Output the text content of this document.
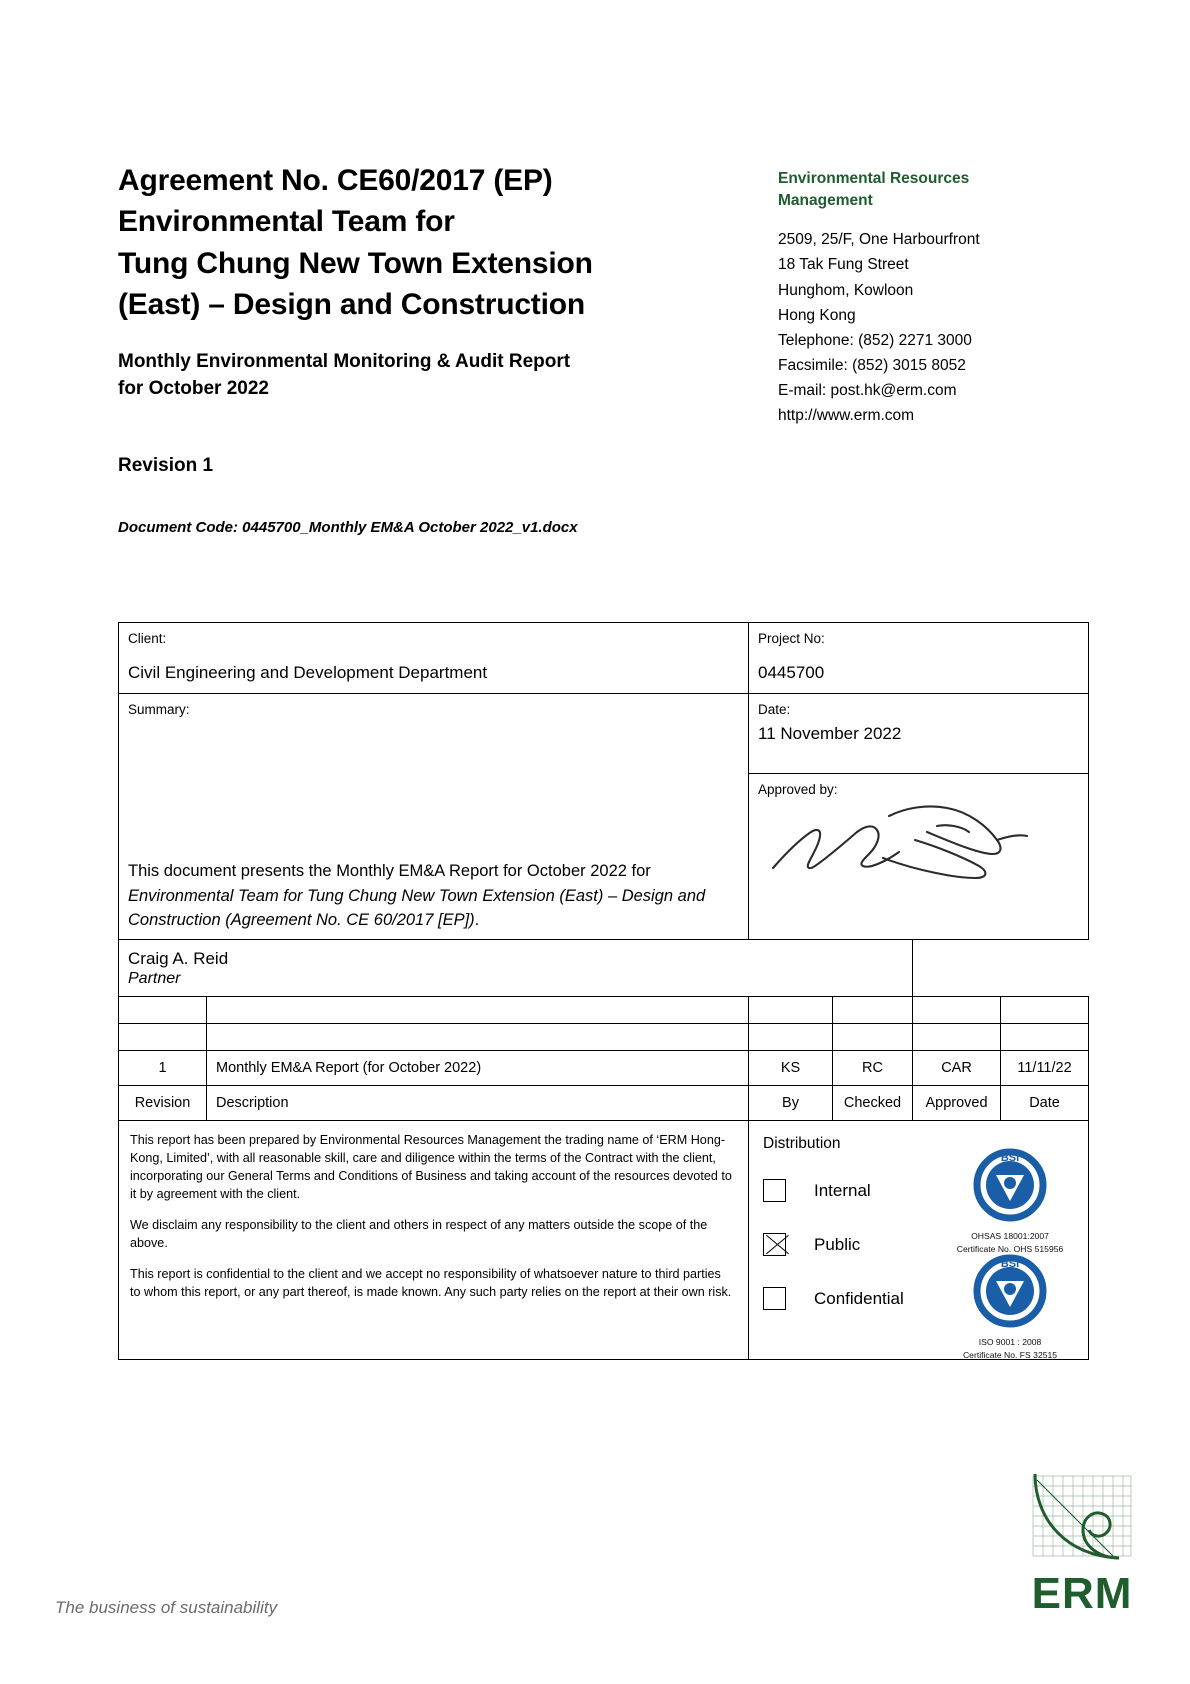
Agreement No. CE60/2017 (EP)
Environmental Team for
Tung Chung New Town Extension
(East) – Design and Construction
Monthly Environmental Monitoring & Audit Report
for October 2022
Revision 1
Document Code: 0445700_Monthly EM&A October 2022_v1.docx
Environmental Resources
Management
2509, 25/F, One Harbourfront
18 Tak Fung Street
Hunghom, Kowloon
Hong Kong
Telephone: (852) 2271 3000
Facsimile: (852) 3015 8052
E-mail: post.hk@erm.com
http://www.erm.com
Client:
Civil Engineering and Development Department

Project No:
0445700

Summary:
This document presents the Monthly EM&A Report for October 2022 for Environmental Team for Tung Chung New Town Extension (East) – Design and Construction (Agreement No. CE 60/2017 [EP]).

Date:
11 November 2022

		Approved by:			

Craig A. Reid
Partner					

1	Monthly EM&A Report (for October 2022)	KS	RC	CAR	11/11/22
Revision	Description	By	Checked	Approved	Date

This report has been prepared by Environmental Resources Management the trading name of ‘ERM Hong-Kong, Limited’, with all reasonable skill, care and diligence within the terms of the Contract with the client, incorporating our General Terms and Conditions of Business and taking account of the resources devoted to it by agreement with the client.

We disclaim any responsibility to the client and others in respect of any matters outside the scope of the above.

This report is confidential to the client and we accept no responsibility of whatsoever nature to third parties to whom this report, or any part thereof, is made known. Any such party relies on the report at their own risk.

Distribution
Internal
Public
Confidential
BSI
OHSAS 18001:2007
Certificate No. OHS 515956
BSI
ISO 9001 : 2008
Certificate No. FS 32515
The business of sustainability	ERM
